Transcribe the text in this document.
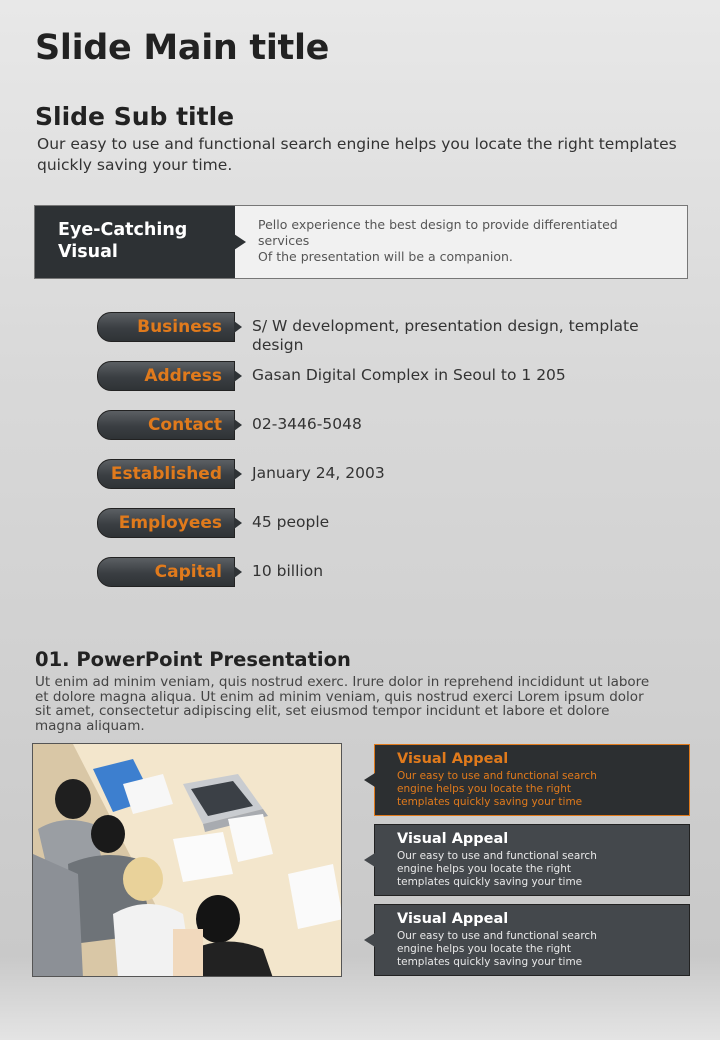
Slide Main title
Slide Sub title
Our easy to use and functional search engine helps you locate the right templates quickly saving your time.
Eye-Catching
Visual
Pello experience the best design to provide differentiated services
Of the presentation will be a companion.
Business S/ W development, presentation design, template design
Address Gasan Digital Complex in Seoul to 1 205
Contact 02-3446-5048
Established January 24, 2003
Employees 45 people
Capital 10 billion
01. PowerPoint Presentation
Ut enim ad minim veniam, quis nostrud exerc. Irure dolor in reprehend incididunt ut labore et dolore magna aliqua. Ut enim ad minim veniam, quis nostrud exerci Lorem ipsum dolor sit amet, consectetur adipiscing elit, set eiusmod tempor incidunt et labore et dolore magna aliquam.
Visual Appeal
Our easy to use and functional search engine helps you locate the right templates quickly saving your time
Visual Appeal
Our easy to use and functional search engine helps you locate the right templates quickly saving your time
Visual Appeal
Our easy to use and functional search engine helps you locate the right templates quickly saving your time
